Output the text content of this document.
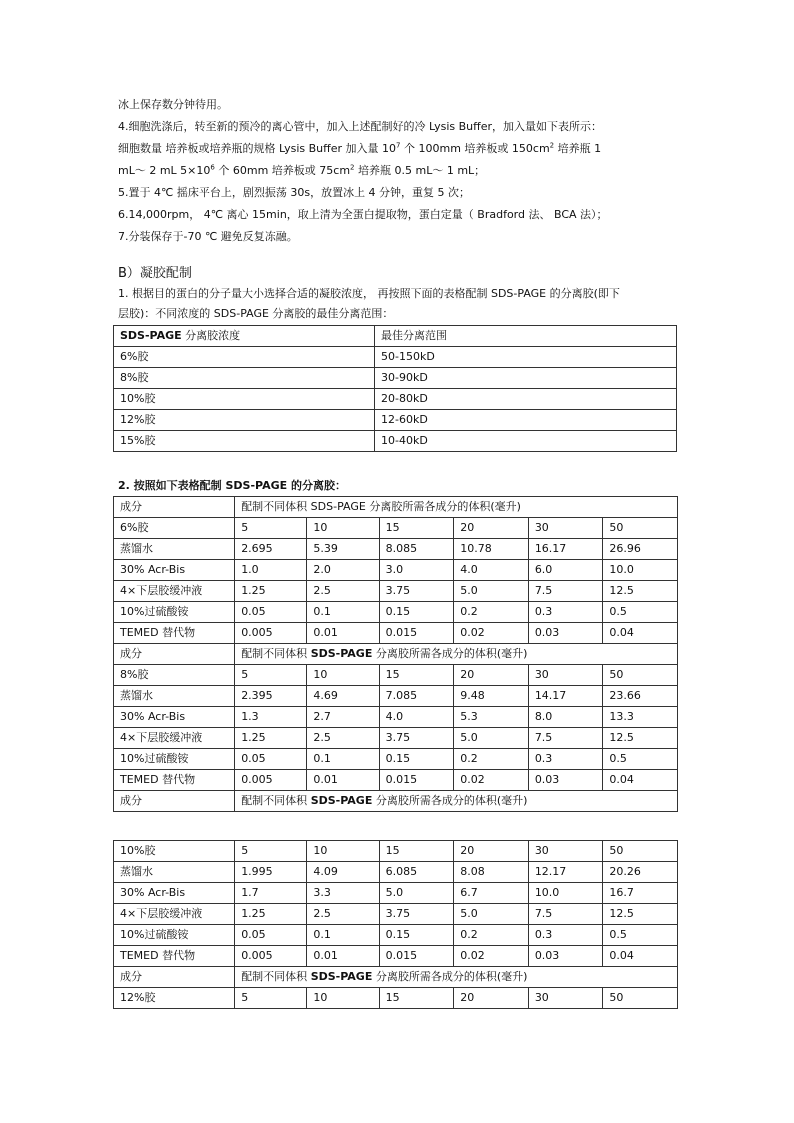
冰上保存数分钟待用。
4.细胞洗涤后，转至新的预冷的离心管中，加入上述配制好的冷 Lysis Buffer，加入量如下表所示：
细胞数量 培养板或培养瓶的规格 Lysis Buffer 加入量 $10^7$ 个 100mm 培养板或 $150cm^2$ 培养瓶 1
mL～ 2 mL $5\times 10^6$ 个 60mm 培养板或 $75cm^2$ 培养瓶 0.5 mL～ 1 mL；
5.置于 4℃ 摇床平台上，剧烈振荡 30s，放置冰上 4 分钟，重复 5 次；
6.14,000rpm， 4℃ 离心 15min，取上清为全蛋白提取物，蛋白定量（ Bradford 法、 BCA 法）；
7.分装保存于-70 ℃ 避免反复冻融。
B）凝胶配制
1. 根据目的蛋白的分子量大小选择合适的凝胶浓度， 再按照下面的表格配制 SDS-PAGE 的分离胶(即下
层胶)：不同浓度的 SDS-PAGE 分离胶的最佳分离范围：
SDS-PAGE 分离胶浓度	最佳分离范围
6%胶	50-150kD
8%胶	30-90kD
10%胶	20-80kD
12%胶	12-60kD
15%胶	10-40kD
2. 按照如下表格配制 SDS-PAGE 的分离胶：
成分	配制不同体积 SDS-PAGE 分离胶所需各成分的体积(毫升)					
6%胶	5	10	15	20	30	50
蒸馏水	2.695	5.39	8.085	10.78	16.17	26.96
30% Acr-Bis	1.0	2.0	3.0	4.0	6.0	10.0
4×下层胶缓冲液	1.25	2.5	3.75	5.0	7.5	12.5
10%过硫酸铵	0.05	0.1	0.15	0.2	0.3	0.5
TEMED 替代物	0.005	0.01	0.015	0.02	0.03	0.04
成分	配制不同体积 SDS-PAGE 分离胶所需各成分的体积(毫升)					
8%胶	5	10	15	20	30	50
蒸馏水	2.395	4.69	7.085	9.48	14.17	23.66
30% Acr-Bis	1.3	2.7	4.0	5.3	8.0	13.3
4×下层胶缓冲液	1.25	2.5	3.75	5.0	7.5	12.5
10%过硫酸铵	0.05	0.1	0.15	0.2	0.3	0.5
TEMED 替代物	0.005	0.01	0.015	0.02	0.03	0.04
成分	配制不同体积 SDS-PAGE 分离胶所需各成分的体积(毫升)					
10%胶	5	10	15	20	30	50
蒸馏水	1.995	4.09	6.085	8.08	12.17	20.26
30% Acr-Bis	1.7	3.3	5.0	6.7	10.0	16.7
4×下层胶缓冲液	1.25	2.5	3.75	5.0	7.5	12.5
10%过硫酸铵	0.05	0.1	0.15	0.2	0.3	0.5
TEMED 替代物	0.005	0.01	0.015	0.02	0.03	0.04
成分	配制不同体积 SDS-PAGE 分离胶所需各成分的体积(毫升)					
12%胶	5	10	15	20	30	50
